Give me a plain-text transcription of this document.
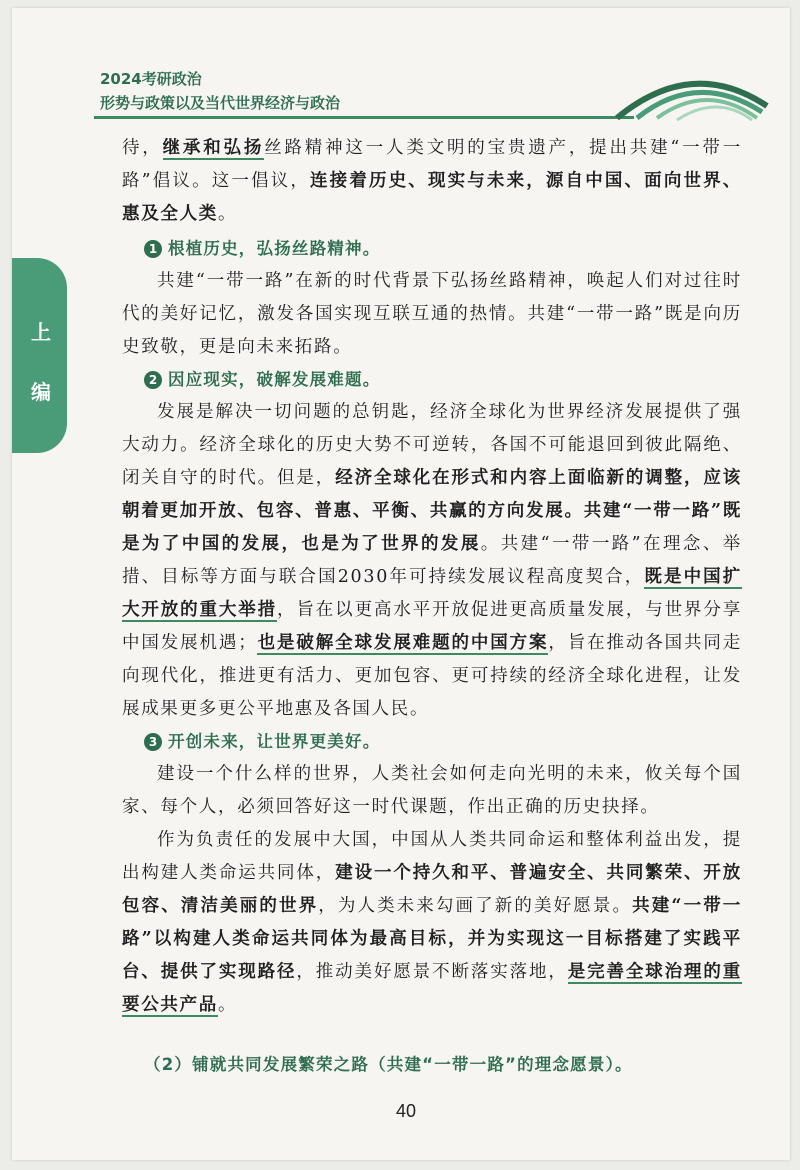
2024考研政治
形势与政策以及当代世界经济与政治
上
编

待，继承和弘扬丝路精神这一人类文明的宝贵遗产，提出共建“一带一路”倡议。这一倡议，连接着历史、现实与未来，源自中国、面向世界、惠及全人类。

1 根植历史，弘扬丝路精神。

共建“一带一路”在新的时代背景下弘扬丝路精神，唤起人们对过往时代的美好记忆，激发各国实现互联互通的热情。共建“一带一路”既是向历史致敬，更是向未来拓路。

2 因应现实，破解发展难题。

发展是解决一切问题的总钥匙，经济全球化为世界经济发展提供了强大动力。经济全球化的历史大势不可逆转，各国不可能退回到彼此隔绝、闭关自守的时代。但是，经济全球化在形式和内容上面临新的调整，应该朝着更加开放、包容、普惠、平衡、共赢的方向发展。共建“一带一路”既是为了中国的发展，也是为了世界的发展。共建“一带一路”在理念、举措、目标等方面与联合国2030年可持续发展议程高度契合，既是中国扩大开放的重大举措，旨在以更高水平开放促进更高质量发展，与世界分享中国发展机遇；也是破解全球发展难题的中国方案，旨在推动各国共同走向现代化，推进更有活力、更加包容、更可持续的经济全球化进程，让发展成果更多更公平地惠及各国人民。

3 开创未来，让世界更美好。

建设一个什么样的世界，人类社会如何走向光明的未来，攸关每个国家、每个人，必须回答好这一时代课题，作出正确的历史抉择。

作为负责任的发展中大国，中国从人类共同命运和整体利益出发，提出构建人类命运共同体，建设一个持久和平、普遍安全、共同繁荣、开放包容、清洁美丽的世界，为人类未来勾画了新的美好愿景。共建“一带一路”以构建人类命运共同体为最高目标，并为实现这一目标搭建了实践平台、提供了实现路径，推动美好愿景不断落实落地，是完善全球治理的重要公共产品。

（2）铺就共同发展繁荣之路（共建“一带一路”的理念愿景）。

40
